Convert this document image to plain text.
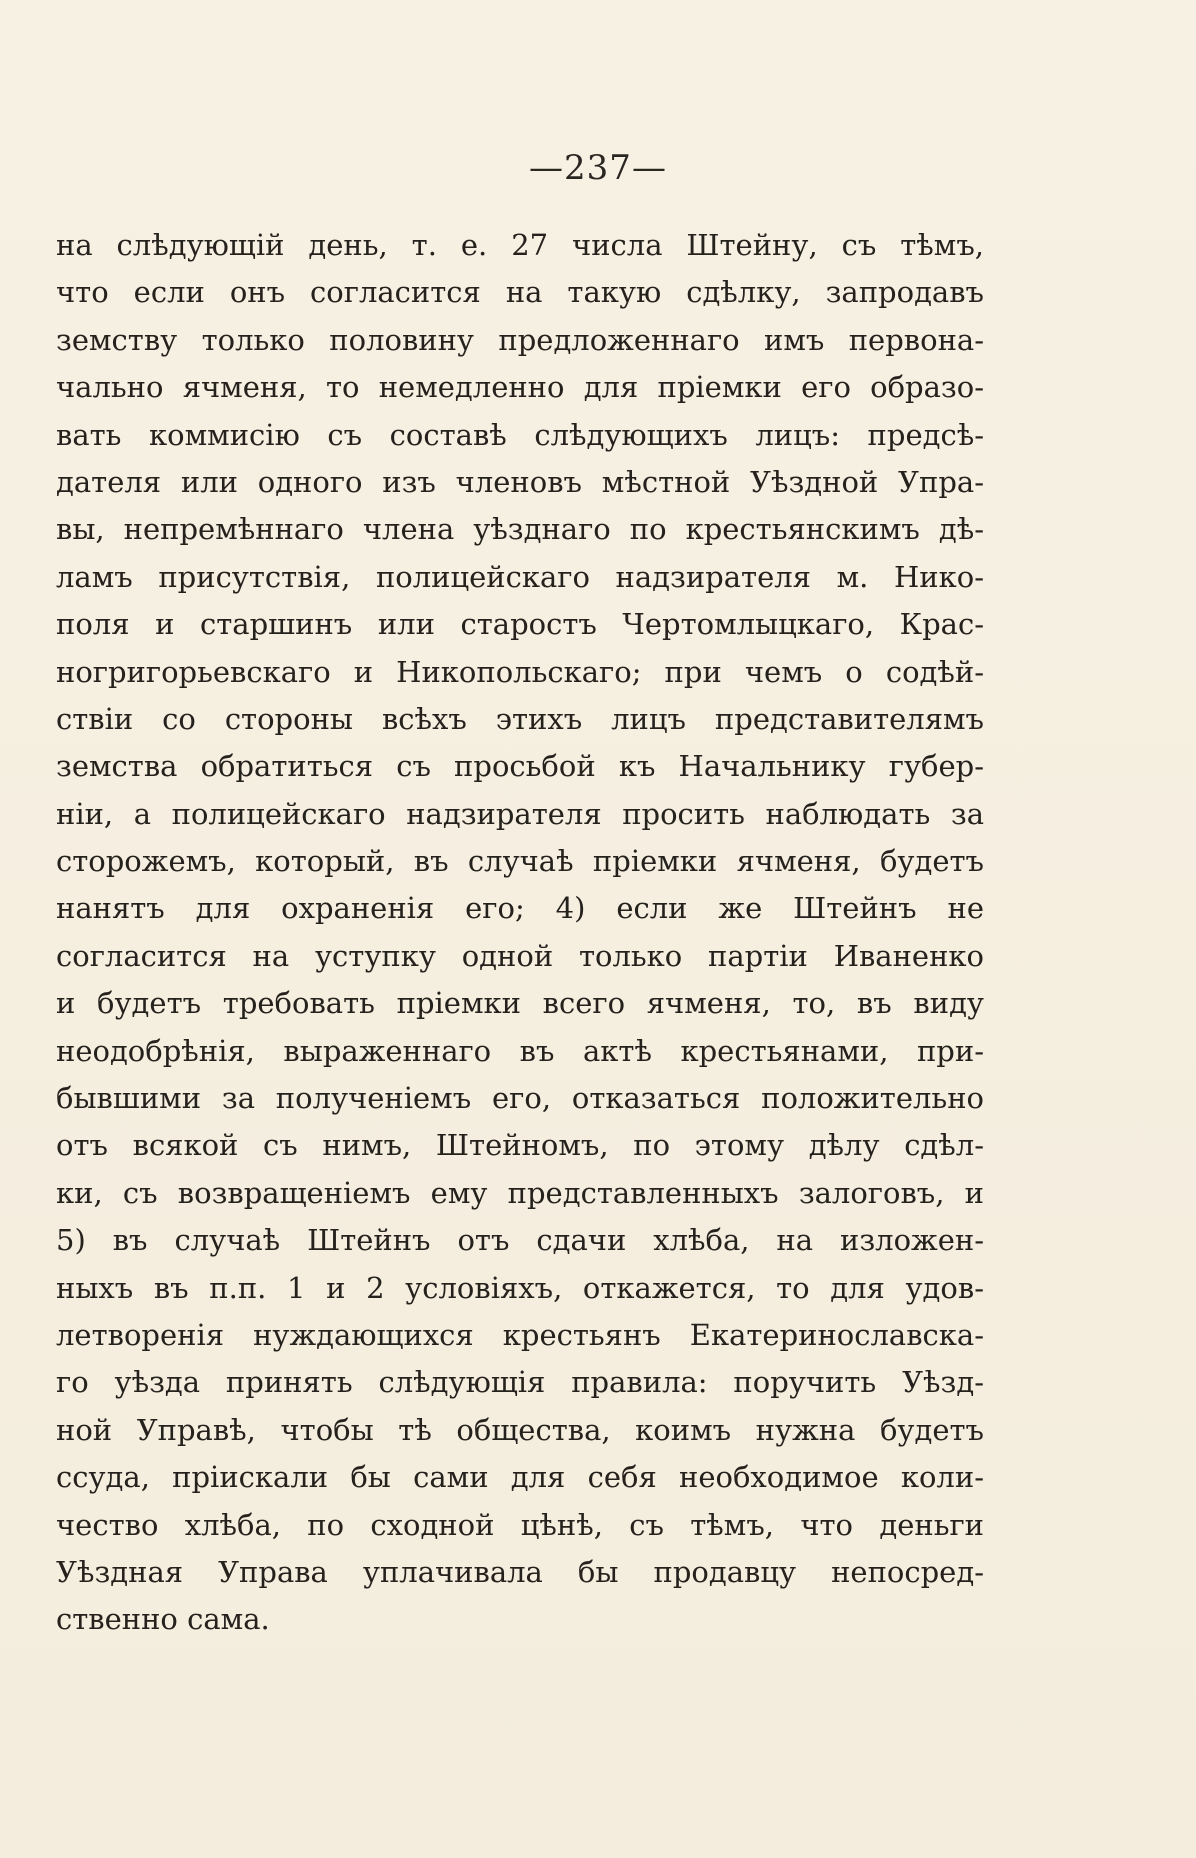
—237—
на слѣдующій день, т. е. 27 числа Штейну, съ тѣмъ,
что если онъ согласится на такую сдѣлку, запродавъ
земству только половину предложеннаго имъ первона-
чально ячменя, то немедленно для пріемки его образо-
вать коммисію съ составѣ слѣдующихъ лицъ: предсѣ-
дателя или одного изъ членовъ мѣстной Уѣздной Упра-
вы, непремѣннаго члена уѣзднаго по крестьянскимъ дѣ-
ламъ присутствія, полицейскаго надзирателя м. Нико-
поля и старшинъ или старостъ Чертомлыцкаго, Крас-
ногригорьевскаго и Никопольскаго; при чемъ о содѣй-
ствіи со стороны всѣхъ этихъ лицъ представителямъ
земства обратиться съ просьбой къ Начальнику губер-
ніи, а полицейскаго надзирателя просить наблюдать за
сторожемъ, который, въ случаѣ пріемки ячменя, будетъ
нанятъ для охраненія его; 4) если же Штейнъ не
согласится на уступку одной только партіи Иваненко
и будетъ требовать пріемки всего ячменя, то, въ виду
неодобрѣнія, выраженнаго въ актѣ крестьянами, при-
бывшими за полученіемъ его, отказаться положительно
отъ всякой съ нимъ, Штейномъ, по этому дѣлу сдѣл-
ки, съ возвращеніемъ ему представленныхъ залоговъ, и
5) въ случаѣ Штейнъ отъ сдачи хлѣба, на изложен-
ныхъ въ п.п. 1 и 2 условіяхъ, откажется, то для удов-
летворенія нуждающихся крестьянъ Екатеринославска-
го уѣзда принять слѣдующія правила: поручить Уѣзд-
ной Управѣ, чтобы тѣ общества, коимъ нужна будетъ
ссуда, пріискали бы сами для себя необходимое коли-
чество хлѣба, по сходной цѣнѣ, съ тѣмъ, что деньги
Уѣздная Управа уплачивала бы продавцу непосред-
ственно сама.
